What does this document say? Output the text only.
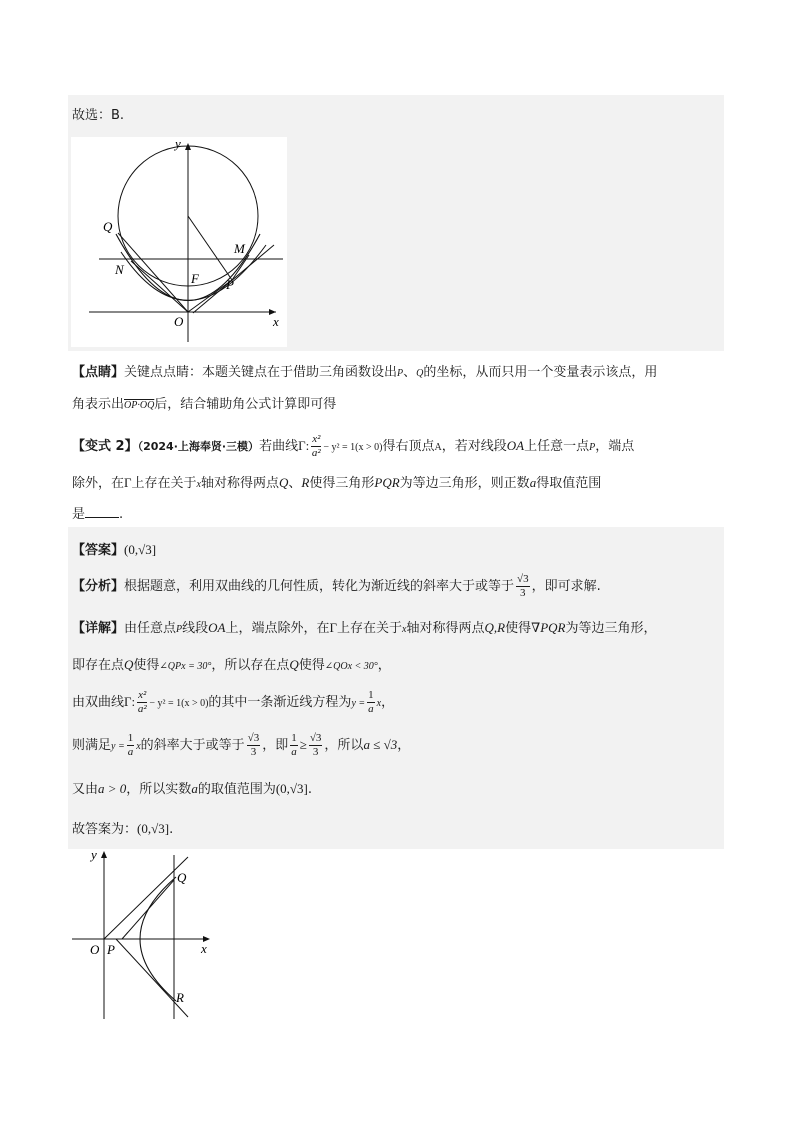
故选：B.
y
x
O
Q
N
F
M
P
【点睛】关键点点睛：本题关键点在于借助三角函数设出P、Q的坐标，从而只用一个变量表示该点，用
角表示出OP·OQ后，结合辅助角公式计算即可得
【变式 2】（2024·上海奉贤·三模）若曲线Γ: $\frac{\text{x²}}{\text{a²}} - y^2 = 1(x > 0)$得右顶点A，若对线段OA上任意一点P，端点
除外，在Γ上存在关于x轴对称得两点Q、R使得三角形PQR为等边三角形，则正数a得取值范围
是	.
【答案】(0,√3]
【分析】根据题意，利用双曲线的几何性质，转化为渐近线的斜率大于或等于 $\frac{√3}{3}$ ，即可求解.
【详解】由任意点P线段OA上，端点除外，在Γ上存在关于x轴对称得两点Q,R使得∇PQR为等边三角形，
即存在点Q使得∠QPx = 30°，所以存在点Q使得∠QOx < 30°，
由双曲线Γ: $\frac{\text{x²}}{\text{a²}} - y^2 = 1(x > 0)$的其中一条渐近线方程为$y = \frac{1}{a}$ x，
则满足$y = \frac{1}{a}$ x的斜率大于或等于 $\frac{√3}{3}$ ，即 $\frac{1}{a} \ge \frac{√3}{3}$ ，所以a ≤ √3，
又由a > 0，所以实数a的取值范围为(0,√3].
故答案为：(0,√3].
y
x
O P
Q
R
